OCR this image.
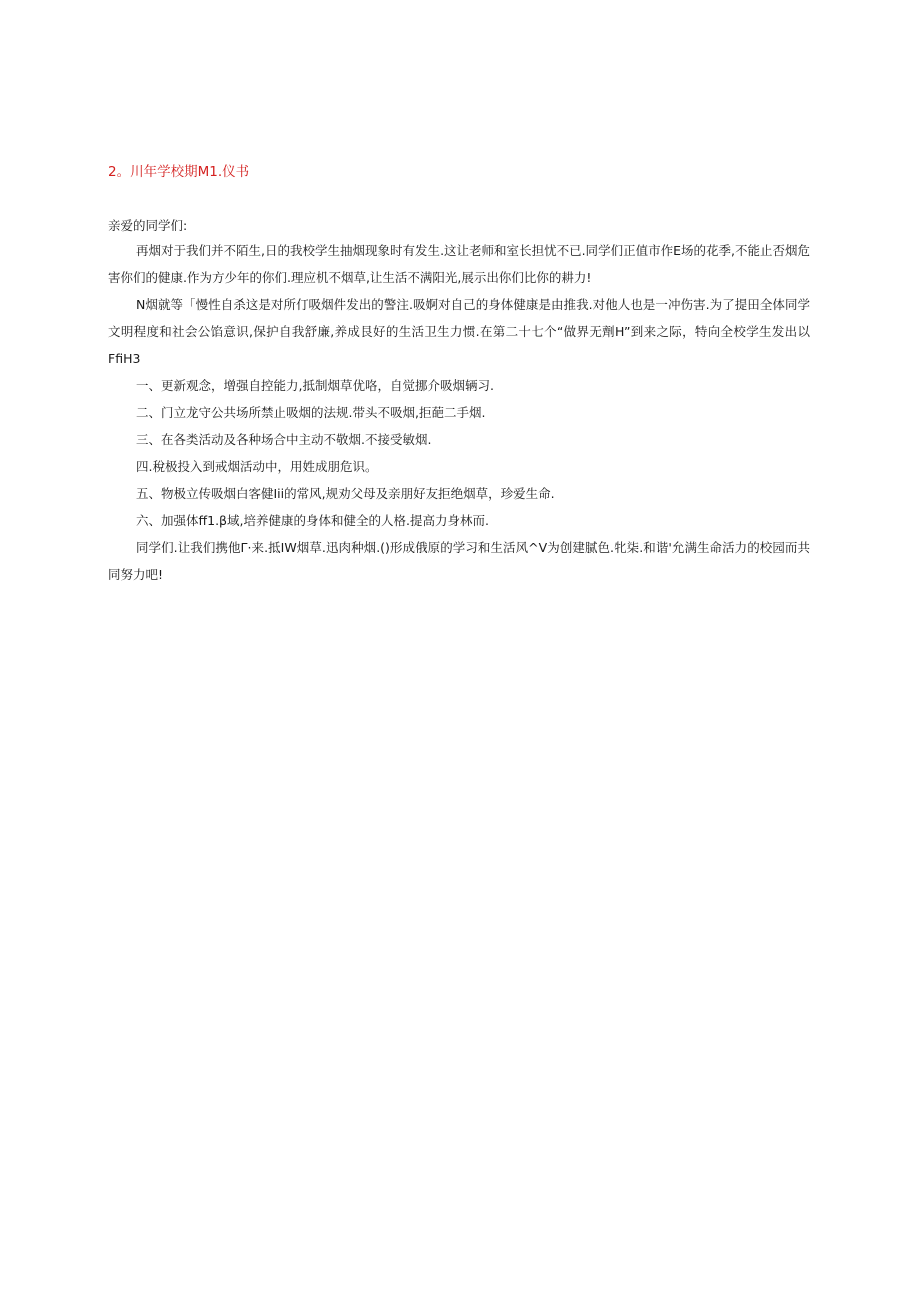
2。川年学校期M1.仪书
亲爱的同学们:

再烟对于我们并不陌生,日的我校学生抽烟现象时有发生.这让老师和室长担忧不已.同学们正值市作E场的花季,不能止否烟危害你们的健康.作为方少年的你们.理应机不烟草,让生活不满阳光,展示出你们比你的耕力!

N烟就等「慢性自杀这是对所仃吸烟件发出的警注.吸婀对自己的身体健康是由推我.对他人也是一冲伤害.为了提田全体同学文明程度和社会公馅意识,保护自我舒廉,养成艮好的生活卫生力惯.在第二十七个“做界无劑H”到来之际，特向全校学生发出以FfiH3

一、更新观念，增强自控能力,抵制烟草优咯，自觉挪介吸烟辆习.

二、门立龙守公共场所禁止吸烟的法规.带头不吸烟,拒葩二手烟.

三、在各类活动及各种场合中主动不敬烟.不接受敏烟.

四.稅极投入到戒烟活动中，用姓成朋危识。

五、物极立传吸烟白客健Iii的常风,规劝父母及亲朋好友拒绝烟草，珍爱生命.

六、加强体ff1.β域,培养健康的身体和健全的人格.提高力身林而.

同学们.让我们携他Γ·来.抵IW烟草.迅肉种烟.()形成俄原的学习和生活风^V为创建腻色.牝柒.和谐'允满生命活力的校园而共同努力吧!
